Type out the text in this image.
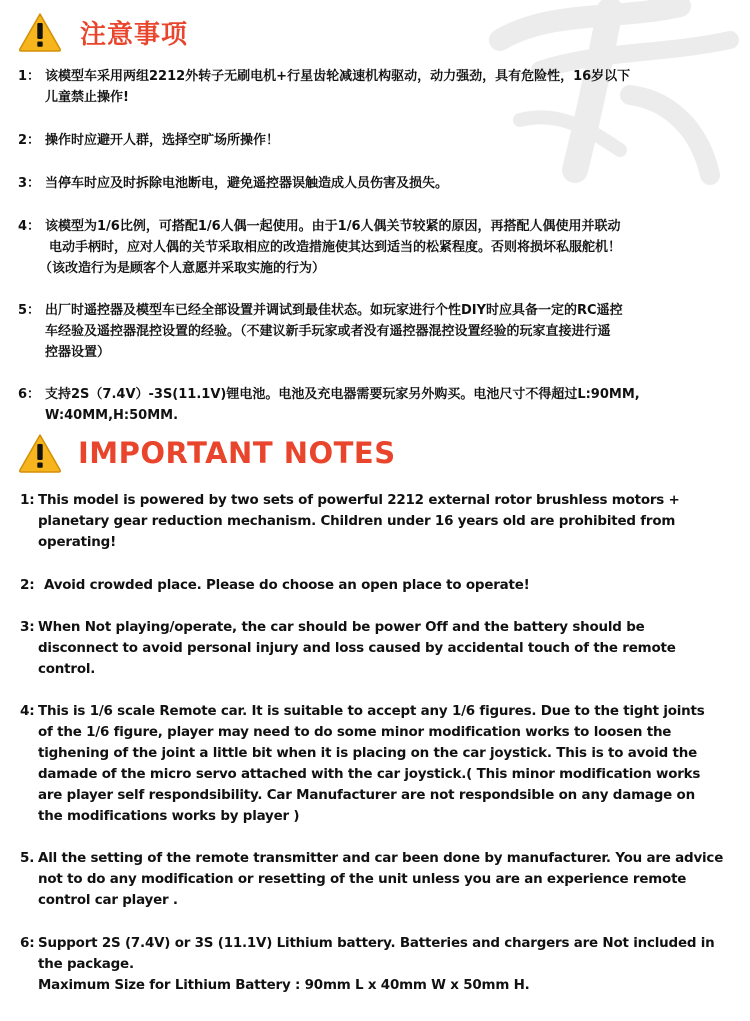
注意事项
1： 该模型车采用两组2212外转子无刷电机+行星齿轮减速机构驱动，动力强劲，具有危险性，16岁以下
儿童禁止操作!
2： 操作时应避开人群，选择空旷场所操作！
3： 当停车时应及时拆除电池断电，避免遥控器误触造成人员伤害及损失。
4： 该模型为1/6比例，可搭配1/6人偶一起使用。由于1/6人偶关节较紧的原因，再搭配人偶使用并联动
电动手柄时，应对人偶的关节采取相应的改造措施使其达到适当的松紧程度。否则将损坏私服舵机！
（该改造行为是顾客个人意愿并采取实施的行为）
5： 出厂时遥控器及模型车已经全部设置并调试到最佳状态。如玩家进行个性DIY时应具备一定的RC遥控
车经验及遥控器混控设置的经验。（不建议新手玩家或者没有遥控器混控设置经验的玩家直接进行遥
控器设置）
6： 支持2S（7.4V）-3S(11.1V)锂电池。电池及充电器需要玩家另外购买。电池尺寸不得超过L:90MM,
W:40MM,H:50MM.
IMPORTANT NOTES
1: This model is powered by two sets of powerful 2212 external rotor brushless motors +
planetary gear reduction mechanism. Children under 16 years old are prohibited from
operating!
2: Avoid crowded place. Please do choose an open place to operate!
3: When Not playing/operate, the car should be power Off and the battery should be
disconnect to avoid personal injury and loss caused by accidental touch of the remote
control.
4: This is 1/6 scale Remote car. It is suitable to accept any 1/6 figures. Due to the tight joints
of the 1/6 figure, player may need to do some minor modification works to loosen the
tighening of the joint a little bit when it is placing on the car joystick. This is to avoid the
damade of the micro servo attached with the car joystick.( This minor modification works
are player self respondsibility. Car Manufacturer are not respondsible on any damage on
the modifications works by player )
5. All the setting of the remote transmitter and car been done by manufacturer. You are advice
not to do any modification or resetting of the unit unless you are an experience remote
control car player .
6: Support 2S (7.4V) or 3S (11.1V) Lithium battery. Batteries and chargers are Not included in
the package.
Maximum Size for Lithium Battery : 90mm L x 40mm W x 50mm H.
